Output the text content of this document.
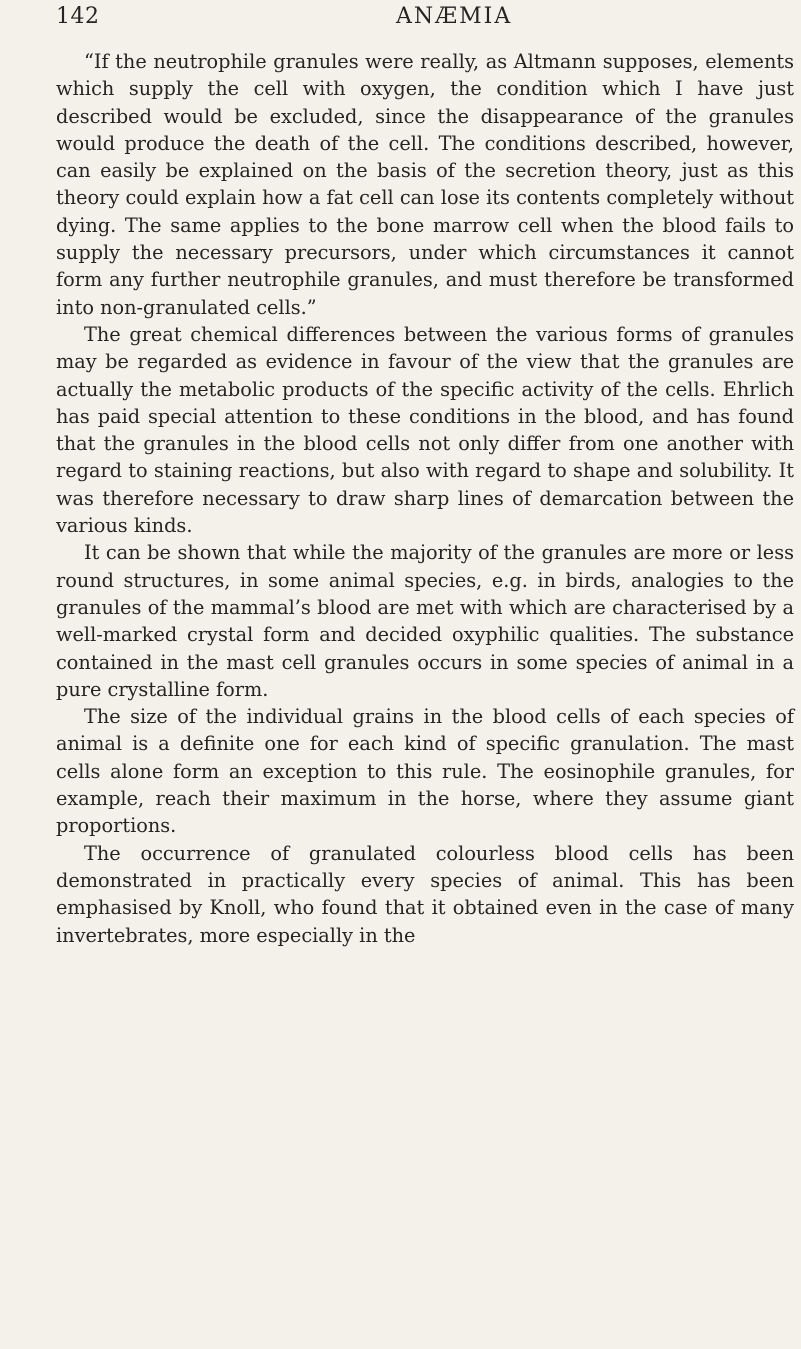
142	ANÆMIA

“If the neutrophile granules were really, as Altmann supposes, elements which supply the cell with oxygen, the condition which I have just described would be excluded, since the disappearance of the granules would produce the death of the cell. The conditions described, however, can easily be explained on the basis of the secretion theory, just as this theory could explain how a fat cell can lose its contents completely without dying. The same applies to the bone marrow cell when the blood fails to supply the necessary precursors, under which circumstances it cannot form any further neutrophile granules, and must therefore be transformed into non-granulated cells.”

The great chemical differences between the various forms of granules may be regarded as evidence in favour of the view that the granules are actually the metabolic products of the specific activity of the cells. Ehrlich has paid special attention to these conditions in the blood, and has found that the granules in the blood cells not only differ from one another with regard to staining reactions, but also with regard to shape and solubility. It was therefore necessary to draw sharp lines of demarcation between the various kinds.

It can be shown that while the majority of the granules are more or less round structures, in some animal species, e.g. in birds, analogies to the granules of the mammal’s blood are met with which are characterised by a well-marked crystal form and decided oxyphilic qualities. The substance contained in the mast cell granules occurs in some species of animal in a pure crystalline form.

The size of the individual grains in the blood cells of each species of animal is a definite one for each kind of specific granulation. The mast cells alone form an exception to this rule. The eosinophile granules, for example, reach their maximum in the horse, where they assume giant proportions.

The occurrence of granulated colourless blood cells has been demonstrated in practically every species of animal. This has been emphasised by Knoll, who found that it obtained even in the case of many invertebrates, more especially in the
